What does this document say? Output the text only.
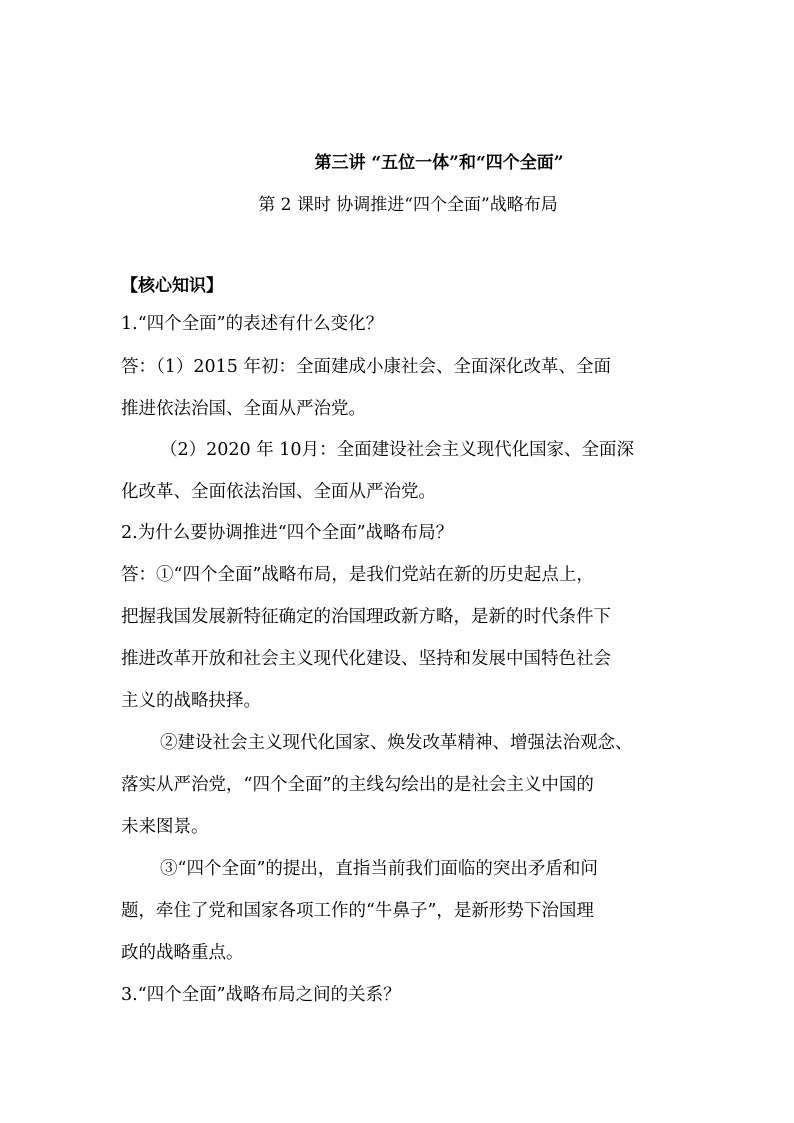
第三讲 “五位一体”和“四个全面”
第 2 课时 协调推进“四个全面”战略布局
【核心知识】
1.“四个全面”的表述有什么变化？
答：（1）2015 年初：全面建成小康社会、全面深化改革、全面
推进依法治国、全面从严治党。
（2）2020 年 10月：全面建设社会主义现代化国家、全面深
化改革、全面依法治国、全面从严治党。
2.为什么要协调推进“四个全面”战略布局？
答：①“四个全面”战略布局，是我们党站在新的历史起点上，
把握我国发展新特征确定的治国理政新方略，是新的时代条件下
推进改革开放和社会主义现代化建设、坚持和发展中国特色社会
主义的战略抉择。
②建设社会主义现代化国家、焕发改革精神、增强法治观念、
落实从严治党，“四个全面”的主线勾绘出的是社会主义中国的
未来图景。
③“四个全面”的提出，直指当前我们面临的突出矛盾和问
题，牵住了党和国家各项工作的“牛鼻子”，是新形势下治国理
政的战略重点。
3.“四个全面”战略布局之间的关系？
